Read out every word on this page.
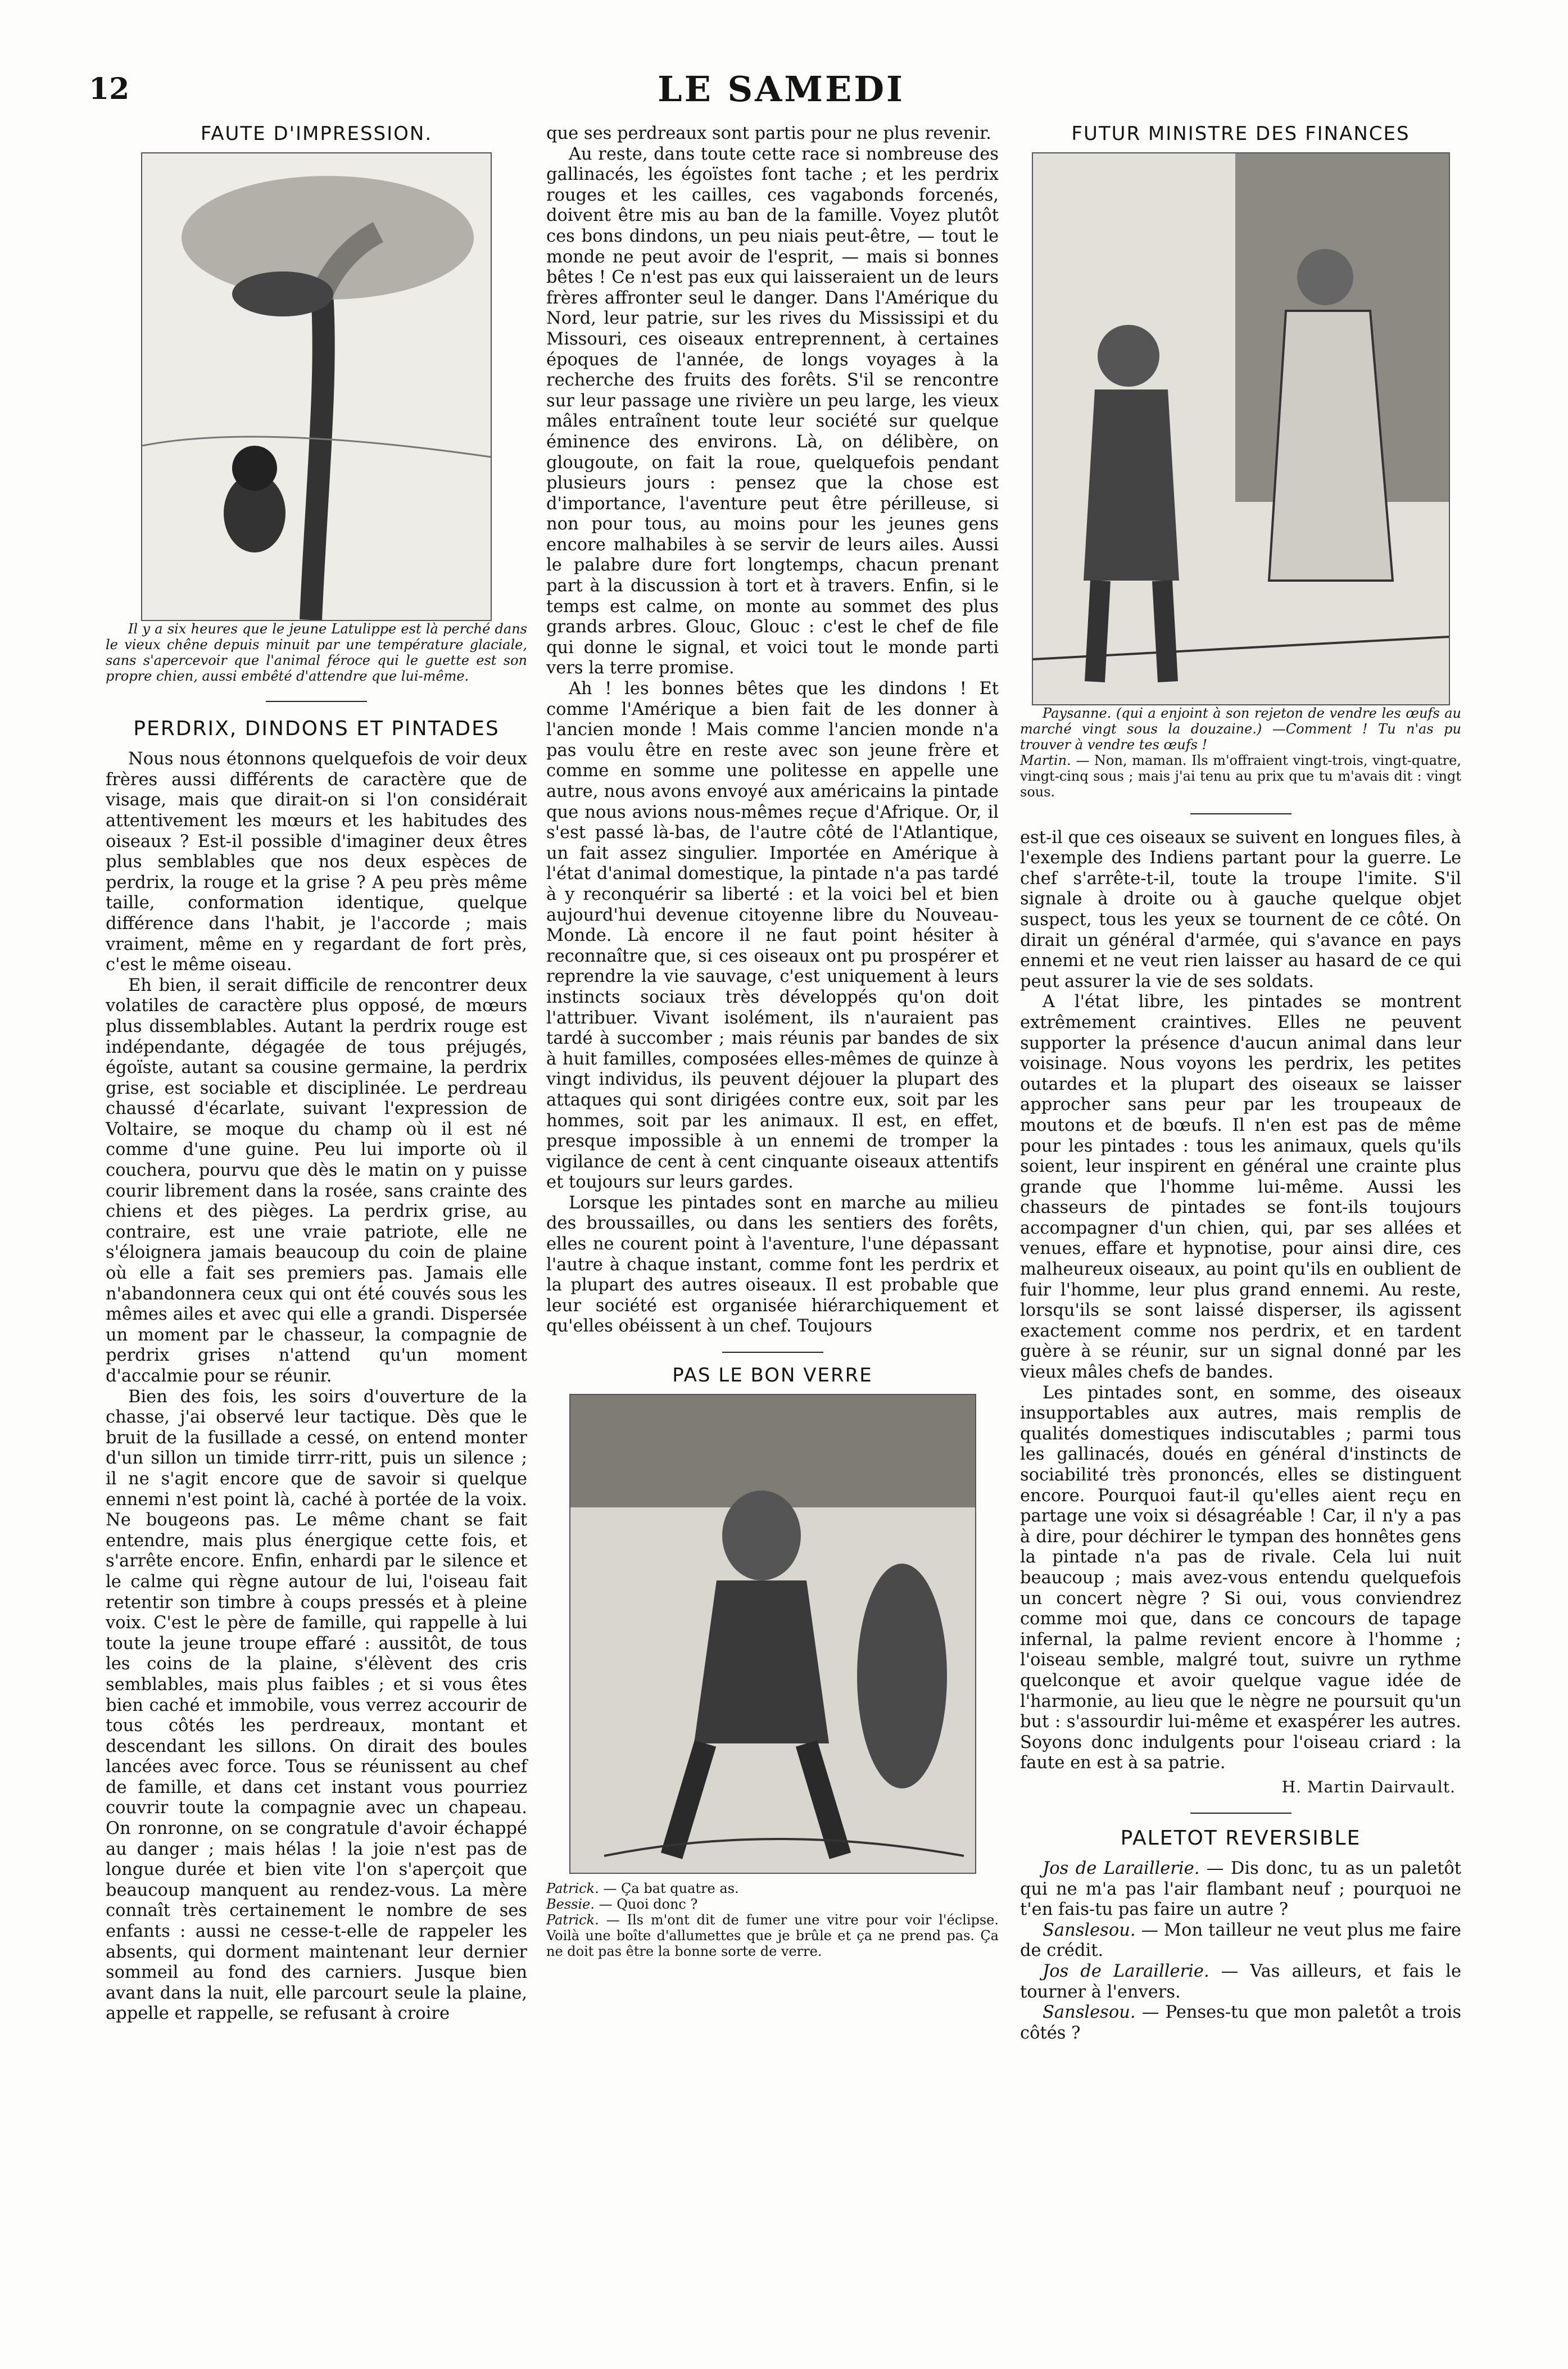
12	LE SAMEDI
FAUTE D'IMPRESSION.

Il y a six heures que le jeune Latulippe est là perché dans le vieux chêne depuis minuit par une température glaciale, sans s'apercevoir que l'animal féroce qui le guette est son propre chien, aussi embêté d'attendre que lui-même.

PERDRIX, DINDONS ET PINTADES

Nous nous étonnons quelquefois de voir deux frères aussi différents de caractère que de visage, mais que dirait-on si l'on considérait attentivement les mœurs et les habitudes des oiseaux ? Est-il possible d'imaginer deux êtres plus semblables que nos deux espèces de perdrix, la rouge et la grise ? A peu près même taille, conformation identique, quelque différence dans l'habit, je l'accorde ; mais vraiment, même en y regardant de fort près, c'est le même oiseau.

Eh bien, il serait difficile de rencontrer deux volatiles de caractère plus opposé, de mœurs plus dissemblables. Autant la perdrix rouge est indépendante, dégagée de tous préjugés, égoïste, autant sa cousine germaine, la perdrix grise, est sociable et disciplinée. Le perdreau chaussé d'écarlate, suivant l'expression de Voltaire, se moque du champ où il est né comme d'une guine. Peu lui importe où il couchera, pourvu que dès le matin on y puisse courir librement dans la rosée, sans crainte des chiens et des pièges. La perdrix grise, au contraire, est une vraie patriote, elle ne s'éloignera jamais beaucoup du coin de plaine où elle a fait ses premiers pas. Jamais elle n'abandonnera ceux qui ont été couvés sous les mêmes ailes et avec qui elle a grandi. Dispersée un moment par le chasseur, la compagnie de perdrix grises n'attend qu'un moment d'accalmie pour se réunir.

Bien des fois, les soirs d'ouverture de la chasse, j'ai observé leur tactique. Dès que le bruit de la fusillade a cessé, on entend monter d'un sillon un timide tirrr-ritt, puis un silence ; il ne s'agit encore que de savoir si quelque ennemi n'est point là, caché à portée de la voix. Ne bougeons pas. Le même chant se fait entendre, mais plus énergique cette fois, et s'arrête encore. Enfin, enhardi par le silence et le calme qui règne autour de lui, l'oiseau fait retentir son timbre à coups pressés et à pleine voix. C'est le père de famille, qui rappelle à lui toute la jeune troupe effaré : aussitôt, de tous les coins de la plaine, s'élèvent des cris semblables, mais plus faibles ; et si vous êtes bien caché et immobile, vous verrez accourir de tous côtés les perdreaux, montant et descendant les sillons. On dirait des boules lancées avec force. Tous se réunissent au chef de famille, et dans cet instant vous pourriez couvrir toute la compagnie avec un chapeau. On ronronne, on se congratule d'avoir échappé au danger ; mais hélas ! la joie n'est pas de longue durée et bien vite l'on s'aperçoit que beaucoup manquent au rendez-vous. La mère connaît très certainement le nombre de ses enfants : aussi ne cesse-t-elle de rappeler les absents, qui dorment maintenant leur dernier sommeil au fond des carniers. Jusque bien avant dans la nuit, elle parcourt seule la plaine, appelle et rappelle, se refusant à croire

que ses perdreaux sont partis pour ne plus revenir.

Au reste, dans toute cette race si nombreuse des gallinacés, les égoïstes font tache ; et les perdrix rouges et les cailles, ces vagabonds forcenés, doivent être mis au ban de la famille. Voyez plutôt ces bons dindons, un peu niais peut-être, — tout le monde ne peut avoir de l'esprit, — mais si bonnes bêtes ! Ce n'est pas eux qui laisseraient un de leurs frères affronter seul le danger. Dans l'Amérique du Nord, leur patrie, sur les rives du Mississipi et du Missouri, ces oiseaux entreprennent, à certaines époques de l'année, de longs voyages à la recherche des fruits des forêts. S'il se rencontre sur leur passage une rivière un peu large, les vieux mâles entraînent toute leur société sur quelque éminence des environs. Là, on délibère, on glougoute, on fait la roue, quelquefois pendant plusieurs jours : pensez que la chose est d'importance, l'aventure peut être périlleuse, si non pour tous, au moins pour les jeunes gens encore malhabiles à se servir de leurs ailes. Aussi le palabre dure fort longtemps, chacun prenant part à la discussion à tort et à travers. Enfin, si le temps est calme, on monte au sommet des plus grands arbres. Glouc, Glouc : c'est le chef de file qui donne le signal, et voici tout le monde parti vers la terre promise.

Ah ! les bonnes bêtes que les dindons ! Et comme l'Amérique a bien fait de les donner à l'ancien monde ! Mais comme l'ancien monde n'a pas voulu être en reste avec son jeune frère et comme en somme une politesse en appelle une autre, nous avons envoyé aux américains la pintade que nous avions nous-mêmes reçue d'Afrique. Or, il s'est passé là-bas, de l'autre côté de l'Atlantique, un fait assez singulier. Importée en Amérique à l'état d'animal domestique, la pintade n'a pas tardé à y reconquérir sa liberté : et la voici bel et bien aujourd'hui devenue citoyenne libre du Nouveau-Monde. Là encore il ne faut point hésiter à reconnaître que, si ces oiseaux ont pu prospérer et reprendre la vie sauvage, c'est uniquement à leurs instincts sociaux très développés qu'on doit l'attribuer. Vivant isolément, ils n'auraient pas tardé à succomber ; mais réunis par bandes de six à huit familles, composées elles-mêmes de quinze à vingt individus, ils peuvent déjouer la plupart des attaques qui sont dirigées contre eux, soit par les hommes, soit par les animaux. Il est, en effet, presque impossible à un ennemi de tromper la vigilance de cent à cent cinquante oiseaux attentifs et toujours sur leurs gardes.

Lorsque les pintades sont en marche au milieu des broussailles, ou dans les sentiers des forêts, elles ne courent point à l'aventure, l'une dépassant l'autre à chaque instant, comme font les perdrix et la plupart des autres oiseaux. Il est probable que leur société est organisée hiérarchiquement et qu'elles obéissent à un chef. Toujours

PAS LE BON VERRE
Patrick. — Ça bat quatre as.
Bessie. — Quoi donc ?
Patrick. — Ils m'ont dit de fumer une vitre pour voir l'éclipse. Voilà une boîte d'allumettes que je brûle et ça ne prend pas. Ça ne doit pas être la bonne sorte de verre.
FUTUR MINISTRE DES FINANCES

Paysanne. (qui a enjoint à son rejeton de vendre les œufs au marché vingt sous la douzaine.) —Comment ! Tu n'as pu trouver à vendre tes œufs !
Martin. — Non, maman. Ils m'offraient vingt-trois, vingt-quatre, vingt-cinq sous ; mais j'ai tenu au prix que tu m'avais dit : vingt sous.

est-il que ces oiseaux se suivent en longues files, à l'exemple des Indiens partant pour la guerre. Le chef s'arrête-t-il, toute la troupe l'imite. S'il signale à droite ou à gauche quelque objet suspect, tous les yeux se tournent de ce côté. On dirait un général d'armée, qui s'avance en pays ennemi et ne veut rien laisser au hasard de ce qui peut assurer la vie de ses soldats.

A l'état libre, les pintades se montrent extrêmement craintives. Elles ne peuvent supporter la présence d'aucun animal dans leur voisinage. Nous voyons les perdrix, les petites outardes et la plupart des oiseaux se laisser approcher sans peur par les troupeaux de moutons et de bœufs. Il n'en est pas de même pour les pintades : tous les animaux, quels qu'ils soient, leur inspirent en général une crainte plus grande que l'homme lui-même. Aussi les chasseurs de pintades se font-ils toujours accompagner d'un chien, qui, par ses allées et venues, effare et hypnotise, pour ainsi dire, ces malheureux oiseaux, au point qu'ils en oublient de fuir l'homme, leur plus grand ennemi. Au reste, lorsqu'ils se sont laissé disperser, ils agissent exactement comme nos perdrix, et en tardent guère à se réunir, sur un signal donné par les vieux mâles chefs de bandes.

Les pintades sont, en somme, des oiseaux insupportables aux autres, mais remplis de qualités domestiques indiscutables ; parmi tous les gallinacés, doués en général d'instincts de sociabilité très prononcés, elles se distinguent encore. Pourquoi faut-il qu'elles aient reçu en partage une voix si désagréable ! Car, il n'y a pas à dire, pour déchirer le tympan des honnêtes gens la pintade n'a pas de rivale. Cela lui nuit beaucoup ; mais avez-vous entendu quelquefois un concert nègre ? Si oui, vous conviendrez comme moi que, dans ce concours de tapage infernal, la palme revient encore à l'homme ; l'oiseau semble, malgré tout, suivre un rythme quelconque et avoir quelque vague idée de l'harmonie, au lieu que le nègre ne poursuit qu'un but : s'assourdir lui-même et exaspérer les autres. Soyons donc indulgents pour l'oiseau criard : la faute en est à sa patrie.

H. Martin Dairvault.
PALETOT REVERSIBLE

Jos de Laraillerie. — Dis donc, tu as un paletôt qui ne m'a pas l'air flambant neuf ; pourquoi ne t'en fais-tu pas faire un autre ?

Sanslesou. — Mon tailleur ne veut plus me faire de crédit.

Jos de Laraillerie. — Vas ailleurs, et fais le tourner à l'envers.

Sanslesou. — Penses-tu que mon paletôt a trois côtés ?
